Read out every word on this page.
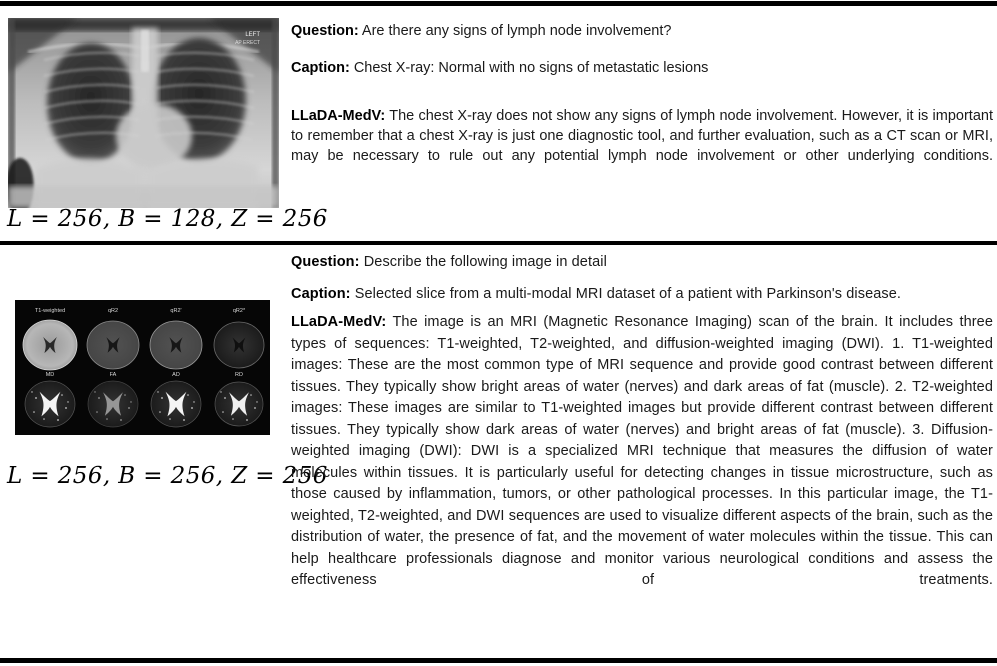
LEFT
AP ERECT
L = 256, B = 128, Z = 256

Question: Are there any signs of lymph node involvement?

Caption: Chest X-ray: Normal with no signs of metastatic lesions

LLaDA-MedV: The chest X-ray does not show any signs of lymph node involvement. However, it is important to remember that a chest X-ray is just one diagnostic tool, and further evaluation, such as a CT scan or MRI, may be necessary to rule out any potential lymph node involvement or other underlying conditions.

T1-weighted	qR2	qR2'	qR2*
MD	FA	AD	RD
L = 256, B = 256, Z = 256

Question: Describe the following image in detail

Caption: Selected slice from a multi-modal MRI dataset of a patient with Parkinson's disease.

LLaDA-MedV: The image is an MRI (Magnetic Resonance Imaging) scan of the brain. It includes three types of sequences: T1-weighted, T2-weighted, and diffusion-weighted imaging (DWI). 1. T1-weighted images: These are the most common type of MRI sequence and provide good contrast between different tissues. They typically show bright areas of water (nerves) and dark areas of fat (muscle). 2. T2-weighted images: These images are similar to T1-weighted images but provide different contrast between different tissues. They typically show dark areas of water (nerves) and bright areas of fat (muscle). 3. Diffusion-weighted imaging (DWI): DWI is a specialized MRI technique that measures the diffusion of water molecules within tissues. It is particularly useful for detecting changes in tissue microstructure, such as those caused by inflammation, tumors, or other pathological processes. In this particular image, the T1-weighted, T2-weighted, and DWI sequences are used to visualize different aspects of the brain, such as the distribution of water, the presence of fat, and the movement of water molecules within the tissue. This can help healthcare professionals diagnose and monitor various neurological conditions and assess the effectiveness of treatments.
